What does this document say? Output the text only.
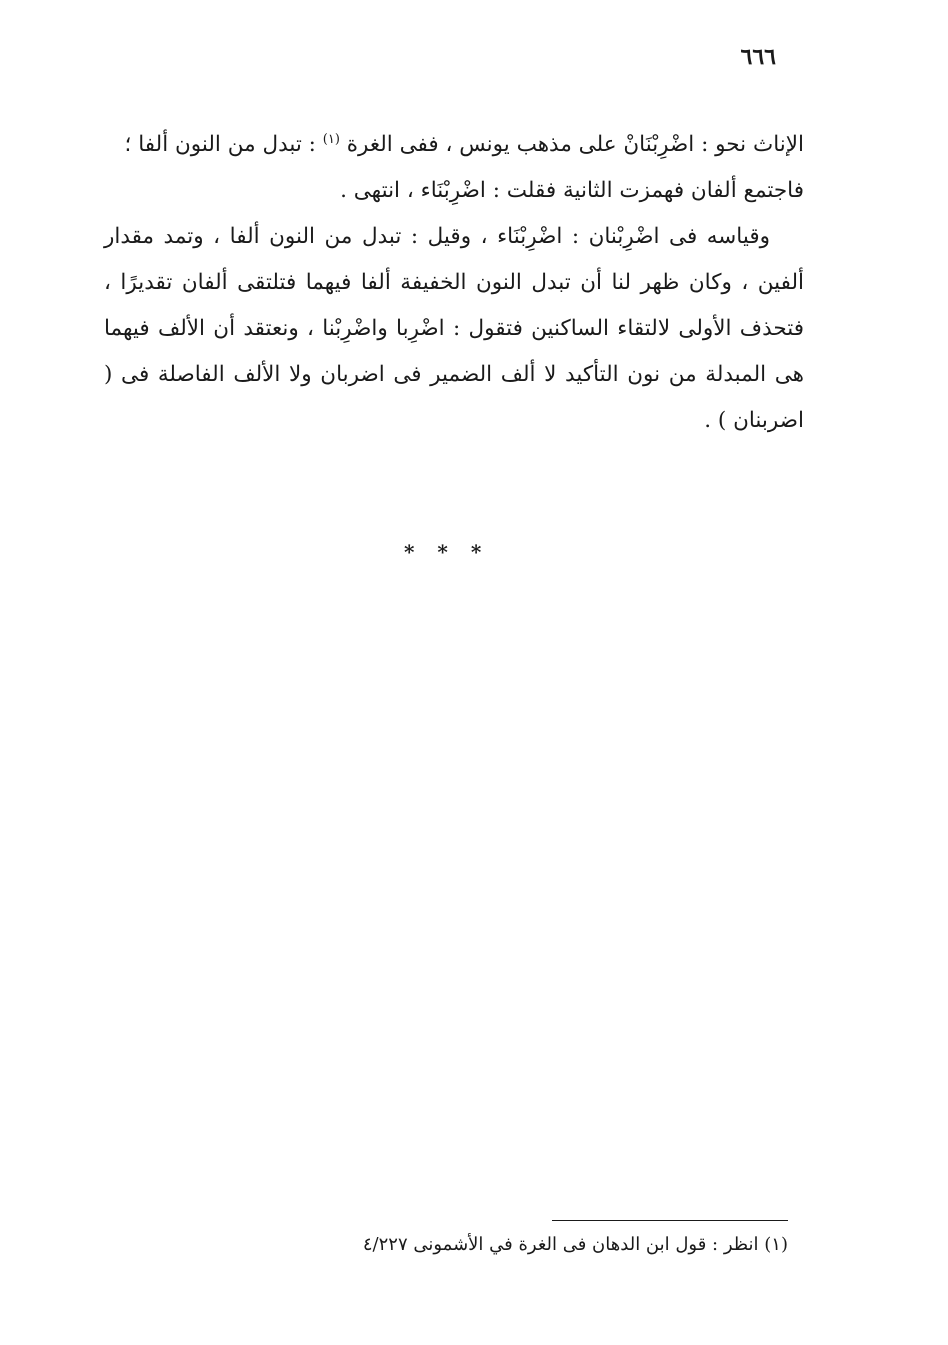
٦٦٦

الإناث نحو : اضْرِبْنَانْ على مذهب يونس ، ففى الغرة $^{(١)}$ : تبدل من النون ألفا ؛
فاجتمع ألفان فهمزت الثانية فقلت : اضْرِبْنَاء ، انتهى .

وقياسه فى اضْرِبْنان : اضْرِبْنَاء ، وقيل : تبدل من النون ألفا ، وتمد مقدار ألفين ، وكان ظهر لنا أن تبدل النون الخفيفة ألفا فيهما فتلتقى ألفان تقديرًا ، فتحذف الأولى لالتقاء الساكنين فتقول : اضْرِبا واضْرِبْنا ، ونعتقد أن الألف فيهما هى المبدلة من نون التأكيد لا ألف الضمير فى اضربان ولا الألف الفاصلة فى ( اضربنان ) .

* * *
(١) انظر : قول ابن الدهان فى الغرة في الأشمونى ٤/٢٢٧
